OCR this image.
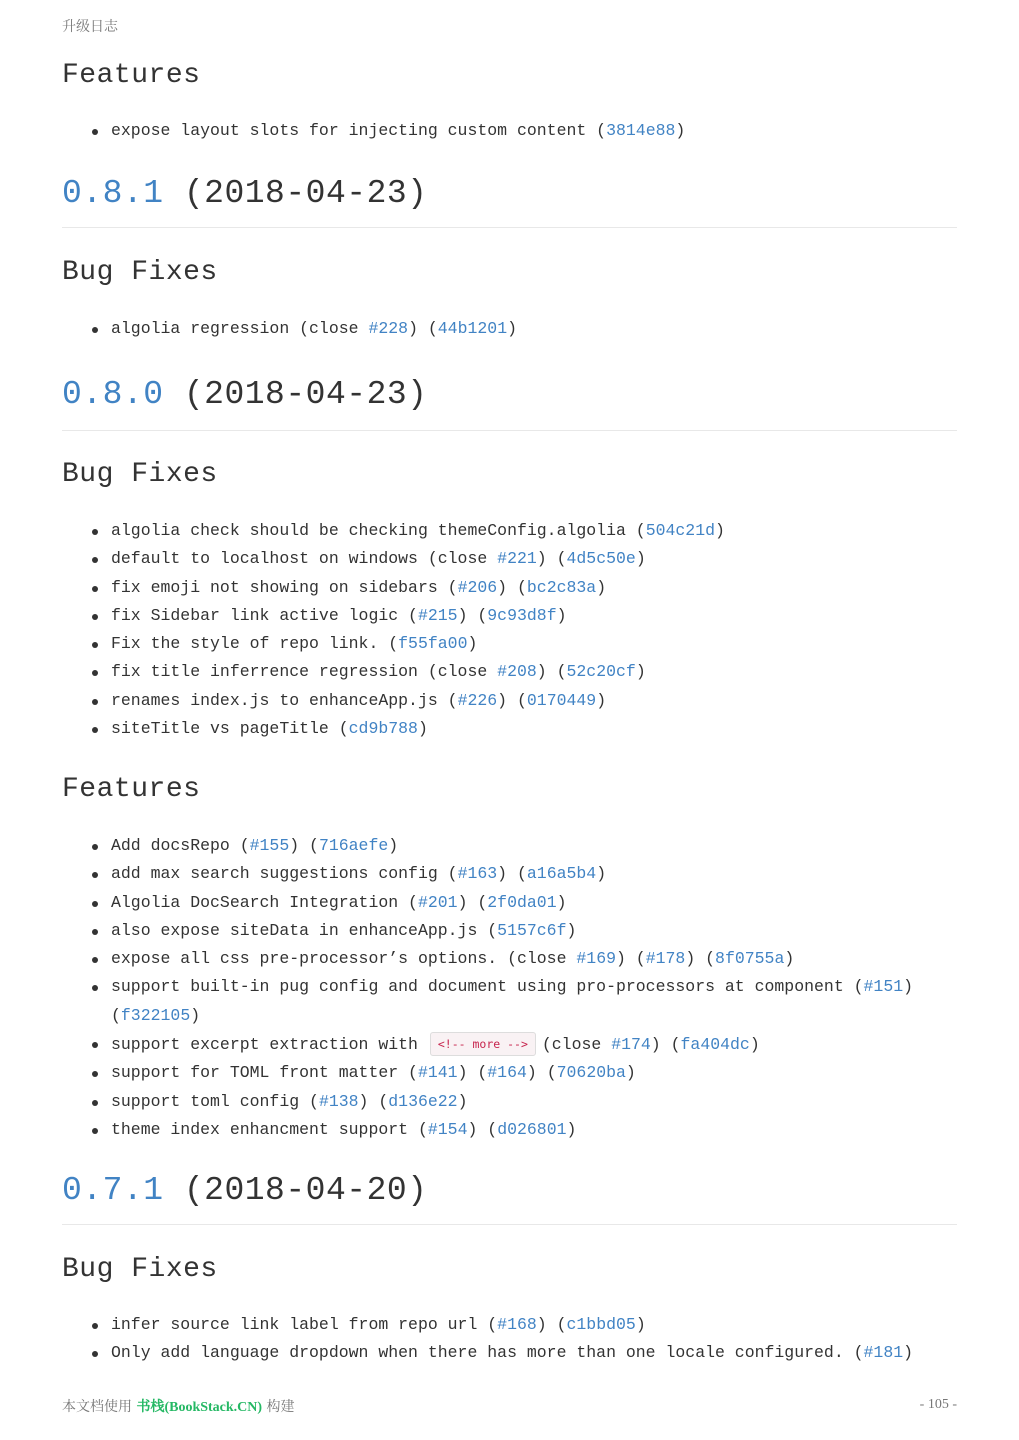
升级日志
Features
expose layout slots for injecting custom content (3814e88)
0.8.1 (2018-04-23)
Bug Fixes
algolia regression (close #228) (44b1201)
0.8.0 (2018-04-23)
Bug Fixes
algolia check should be checking themeConfig.algolia (504c21d)
default to localhost on windows (close #221) (4d5c50e)
fix emoji not showing on sidebars (#206) (bc2c83a)
fix Sidebar link active logic (#215) (9c93d8f)
Fix the style of repo link. (f55fa00)
fix title inferrence regression (close #208) (52c20cf)
renames index.js to enhanceApp.js (#226) (0170449)
siteTitle vs pageTitle (cd9b788)
Features
Add docsRepo (#155) (716aefe)
add max search suggestions config (#163) (a16a5b4)
Algolia DocSearch Integration (#201) (2f0da01)
also expose siteData in enhanceApp.js (5157c6f)
expose all css pre-processor’s options. (close #169) (#178) (8f0755a)
support built-in pug config and document using pro-processors at component (#151) (f322105)
support excerpt extraction with <!-- more --> (close #174) (fa404dc)
support for TOML front matter (#141) (#164) (70620ba)
support toml config (#138) (d136e22)
theme index enhancment support (#154) (d026801)
0.7.1 (2018-04-20)
Bug Fixes
infer source link label from repo url (#168) (c1bbd05)
Only add language dropdown when there has more than one locale configured. (#181)
本文档使用 书栈(BookStack.CN) 构建	- 105 -
